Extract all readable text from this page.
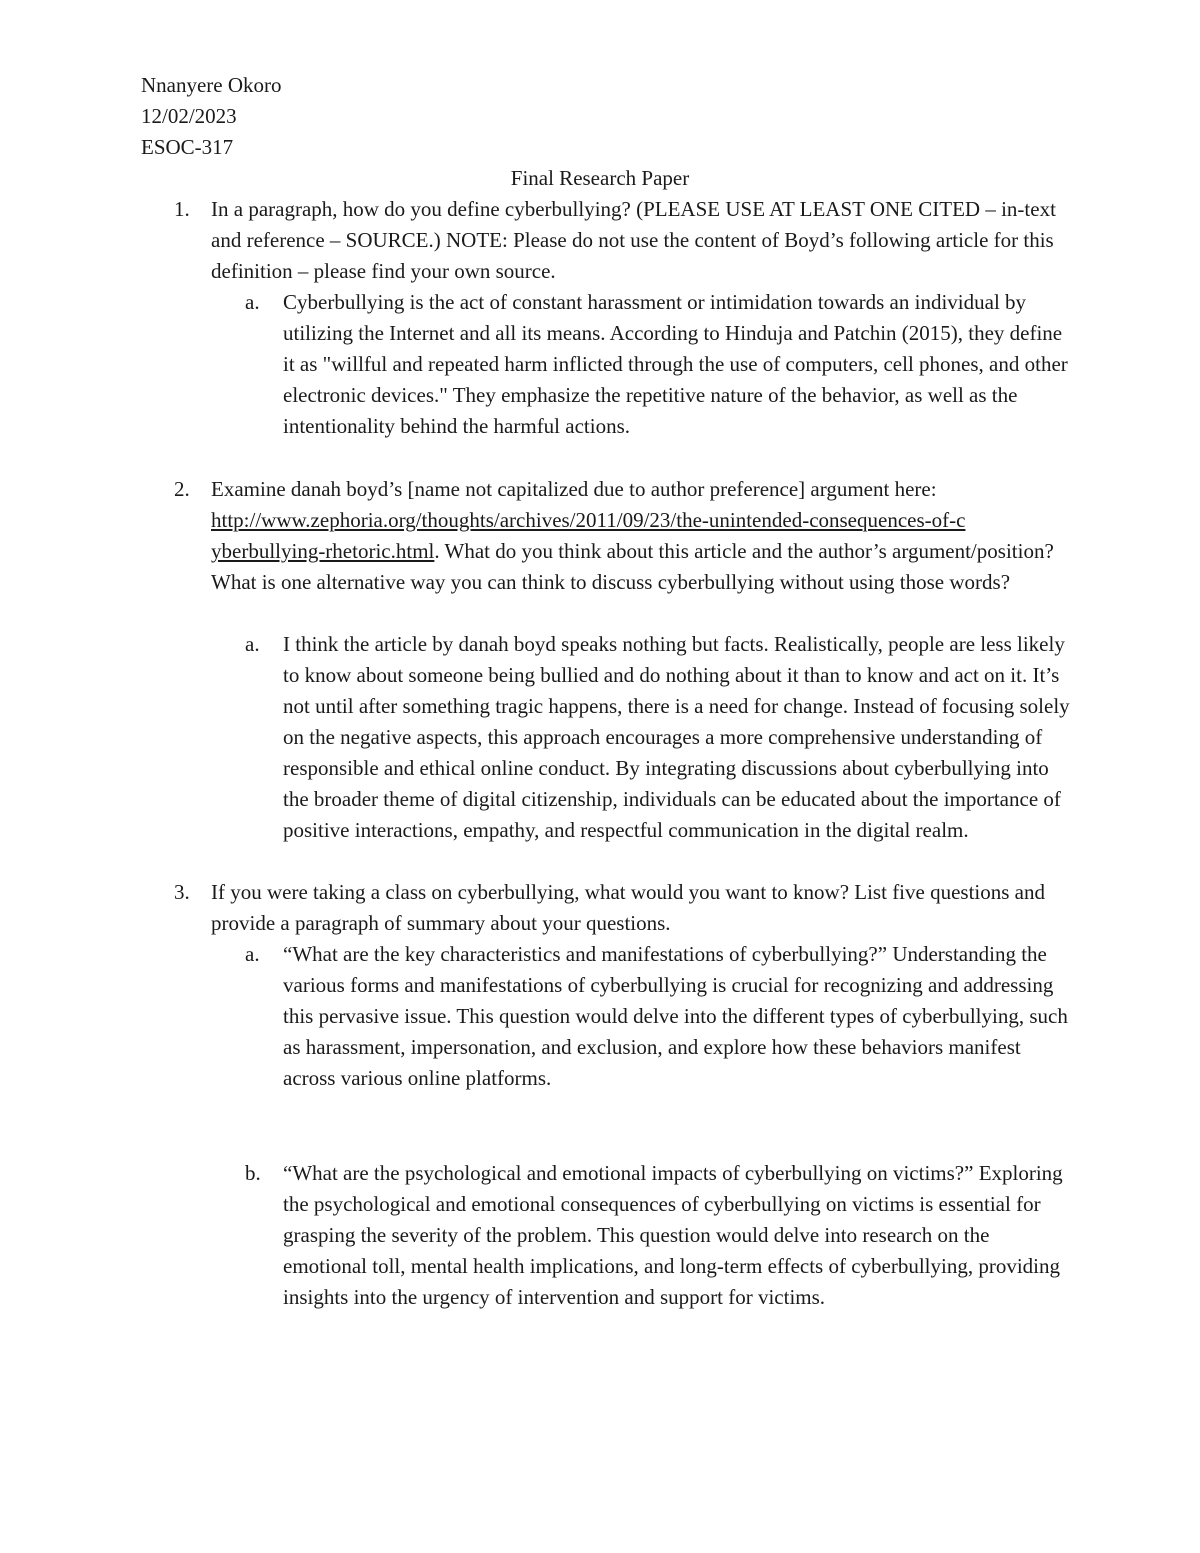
Nnanyere Okoro
12/02/2023
ESOC-317
Final Research Paper
1. In a paragraph, how do you define cyberbullying? (PLEASE USE AT LEAST ONE CITED – in-text and reference – SOURCE.) NOTE: Please do not use the content of Boyd’s following article for this definition – please find your own source.

a. Cyberbullying is the act of constant harassment or intimidation towards an individual by utilizing the Internet and all its means. According to Hinduja and Patchin (2015), they define it as "willful and repeated harm inflicted through the use of computers, cell phones, and other electronic devices." They emphasize the repetitive nature of the behavior, as well as the intentionality behind the harmful actions.

2. Examine danah boyd’s [name not capitalized due to author preference] argument here:
http://www.zephoria.org/thoughts/archives/2011/09/23/the-unintended-consequences-of-c
yberbullying-rhetoric.html. What do you think about this article and the author’s argument/position? What is one alternative way you can think to discuss cyberbullying without using those words?

a. I think the article by danah boyd speaks nothing but facts. Realistically, people are less likely to know about someone being bullied and do nothing about it than to know and act on it. It’s not until after something tragic happens, there is a need for change. Instead of focusing solely on the negative aspects, this approach encourages a more comprehensive understanding of responsible and ethical online conduct. By integrating discussions about cyberbullying into the broader theme of digital citizenship, individuals can be educated about the importance of positive interactions, empathy, and respectful communication in the digital realm.

3. If you were taking a class on cyberbullying, what would you want to know? List five questions and provide a paragraph of summary about your questions.

a. “What are the key characteristics and manifestations of cyberbullying?” Understanding the various forms and manifestations of cyberbullying is crucial for recognizing and addressing this pervasive issue. This question would delve into the different types of cyberbullying, such as harassment, impersonation, and exclusion, and explore how these behaviors manifest across various online platforms.

b. “What are the psychological and emotional impacts of cyberbullying on victims?” Exploring the psychological and emotional consequences of cyberbullying on victims is essential for grasping the severity of the problem. This question would delve into research on the emotional toll, mental health implications, and long-term effects of cyberbullying, providing insights into the urgency of intervention and support for victims.
